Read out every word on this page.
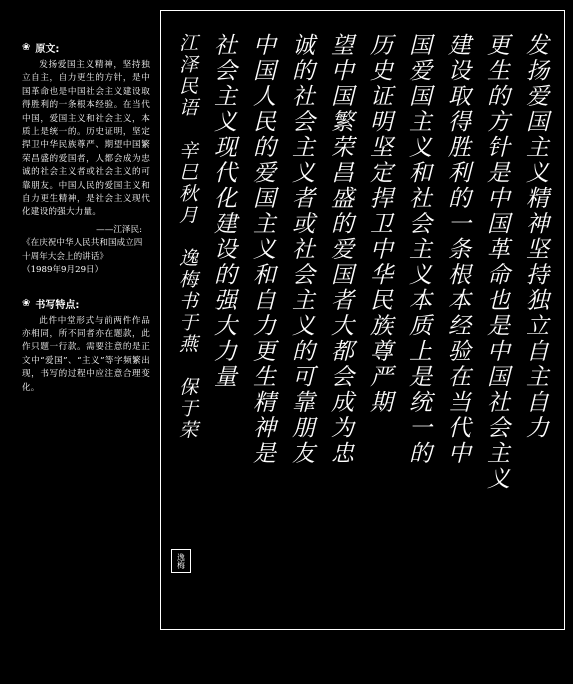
❀ 原文:
发扬爱国主义精神，坚持独立自主，自力更生的方针，是中国革命也是中国社会主义建设取得胜利的一条根本经验。在当代中国，爱国主义和社会主义，本质上是统一的。历史证明，坚定捍卫中华民族尊严、期望中国繁荣昌盛的爱国者，人都会成为忠诚的社会主义者或社会主义的可靠朋友。中国人民的爱国主义和自力更生精神，是社会主义现代化建设的强大力量。
——江泽民:
《在庆祝中华人民共和国成立四十周年大会上的讲话》
（1989年9月29日）
❀ 书写特点:
此件中堂形式与前两件作品亦相同，所不同者亦在题款，此作只题一行款。需要注意的是正文中“爱国”、“主义”等字频繁出现，书写的过程中应注意合理变化。	发扬爱国主义精神坚持独立自主自力
更生的方针是中国革命也是中国社会主义
建设取得胜利的一条根本经验在当代中
国爱国主义和社会主义本质上是统一的
历史证明坚定捍卫中华民族尊严期
望中国繁荣昌盛的爱国者大都会成为忠
诚的社会主义者或社会主义的可靠朋友
中国人民的爱国主义和自力更生精神是
社会主义现代化建设的强大力量
江泽民语　辛巳秋月　逸梅书于燕　保于荣
逸梅
